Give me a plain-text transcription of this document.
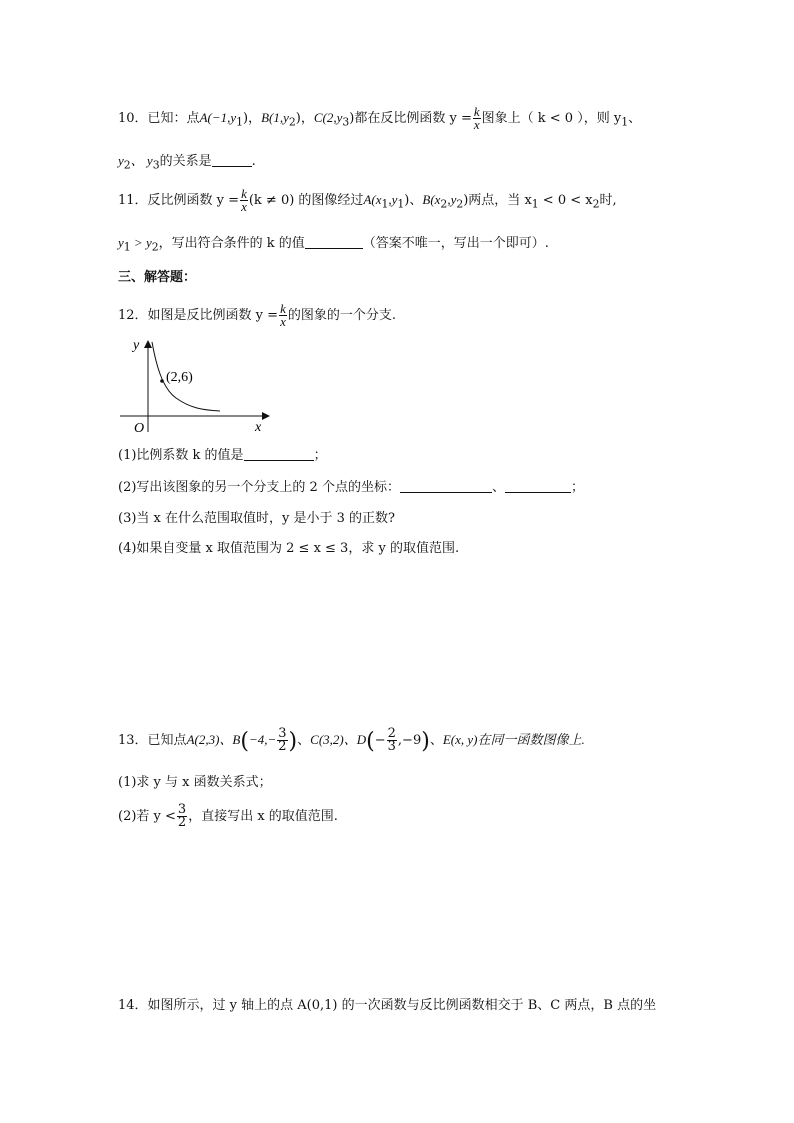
10．已知：点$A(-1,y_1)$，$B(1,y_2)$，$C(2,y_3)$都在反比例函数 $y = \frac{k}{x}$ 图象上（ k < 0 ），则 $y_1$、
$y_2$、 $y_3$的关系是	.
11．反比例函数 $y = \frac{k}{x} (k \ne 0)$ 的图像经过$A(x_1,y_1)$、$B(x_2,y_2)$两点，当 $x_1 < 0 < x_2$时,
$y_1 > y_2$，写出符合条件的 k 的值	（答案不唯一，写出一个即可）.
三、解答题：
12．如图是反比例函数 $y = \frac{k}{x}$ 的图象的一个分支.
y
x
O
(2,6)
(1)比例系数 k 的值是	；
(2)写出该图象的另一个分支上的 2 个点的坐标：	、	；
(3)当 x 在什么范围取值时，y 是小于 3 的正数?
(4)如果自变量 x 取值范围为 2 ≤ x ≤ 3，求 y 的取值范围.
13．已知点A(2,3)、$B(-4,- \frac{3}{2}$ )、C(3,2)、$D(- \frac{2}{3} ,-9)$、E(x, y)在同一函数图像上.
(1)求 y 与 x 函数关系式；
(2)若 $y < \frac{3}{2}$ ，直接写出 x 的取值范围.
14．如图所示，过 y 轴上的点 A(0,1) 的一次函数与反比例函数相交于 B、C 两点，B 点的坐
